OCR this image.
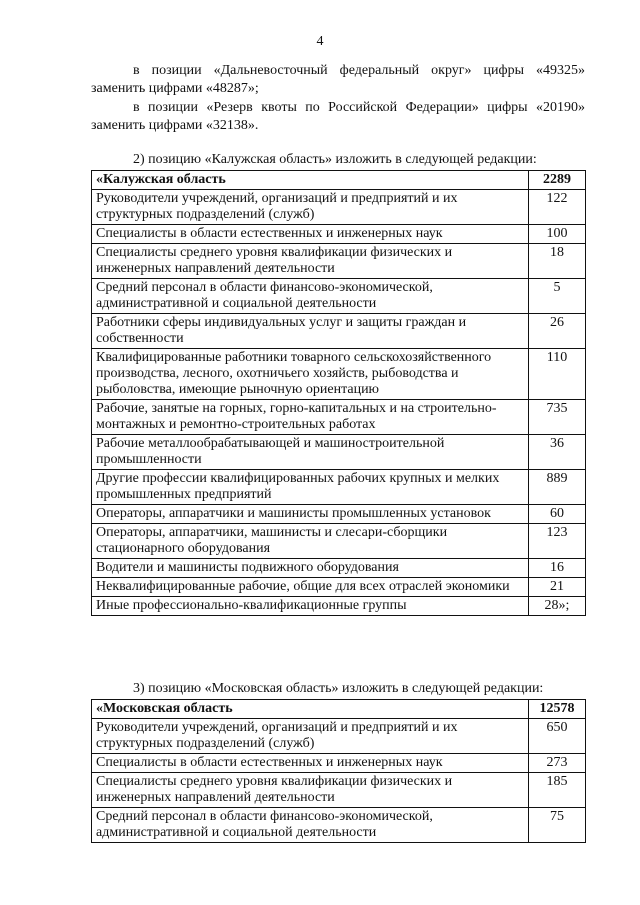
4
в позиции «Дальневосточный федеральный округ» цифры «49325»
заменить цифрами «48287»;
в позиции «Резерв квоты по Российской Федерации» цифры «20190»
заменить цифрами «32138».
2) позицию «Калужская область» изложить в следующей редакции:
«Калужская область	2289
Руководители учреждений, организаций и предприятий и их структурных подразделений (служб)	122
Специалисты в области естественных и инженерных наук	100
Специалисты среднего уровня квалификации физических и инженерных направлений деятельности	18
Средний персонал в области финансово-экономической, административной и социальной деятельности	5
Работники сферы индивидуальных услуг и защиты граждан и собственности	26
Квалифицированные работники товарного сельскохозяйственного производства, лесного, охотничьего хозяйств, рыбоводства и рыболовства, имеющие рыночную ориентацию	110
Рабочие, занятые на горных, горно-капитальных и на строительно-монтажных и ремонтно-строительных работах	735
Рабочие металлообрабатывающей и машиностроительной промышленности	36
Другие профессии квалифицированных рабочих крупных и мелких промышленных предприятий	889
Операторы, аппаратчики и машинисты промышленных установок	60
Операторы, аппаратчики, машинисты и слесари-сборщики стационарного оборудования	123
Водители и машинисты подвижного оборудования	16
Неквалифицированные рабочие, общие для всех отраслей экономики	21
Иные профессионально-квалификационные группы	28»;
3) позицию «Московская область» изложить в следующей редакции:
«Московская область	12578
Руководители учреждений, организаций и предприятий и их структурных подразделений (служб)	650
Специалисты в области естественных и инженерных наук	273
Специалисты среднего уровня квалификации физических и инженерных направлений деятельности	185
Средний персонал в области финансово-экономической, административной и социальной деятельности	75
